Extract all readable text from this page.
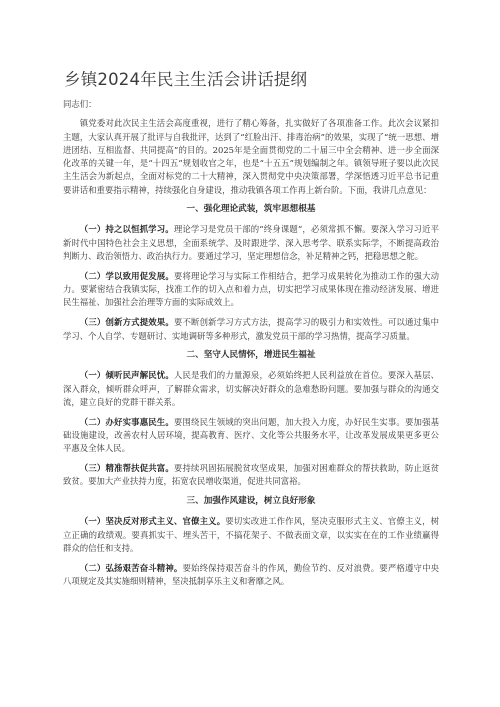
乡镇2024年民主生活会讲话提纲
同志们：

镇党委对此次民主生活会高度重视，进行了精心筹备，扎实做好了各项准备工作。此次会议紧扣主题，大家认真开展了批评与自我批评，达到了“红脸出汗、排毒治病”的效果，实现了“统一思想、增进团结、互相监督、共同提高”的目的。2025年是全面贯彻党的二十届三中全会精神、进一步全面深化改革的关键一年，是“十四五”规划收官之年，也是“十五五”规划编制之年。镇领导班子要以此次民主生活会为新起点，全面对标党的二十大精神，深入贯彻党中央决策部署，学深悟透习近平总书记重要讲话和重要指示精神，持续强化自身建设，推动我镇各项工作再上新台阶。下面，我讲几点意见：

一、强化理论武装，筑牢思想根基

（一）持之以恒抓学习。理论学习是党员干部的“终身课题”，必须常抓不懈。要深入学习习近平新时代中国特色社会主义思想，全面系统学、及时跟进学、深入思考学、联系实际学，不断提高政治判断力、政治领悟力、政治执行力。要通过学习，坚定理想信念，补足精神之钙，把稳思想之舵。

（二）学以致用促发展。要将理论学习与实际工作相结合，把学习成果转化为推动工作的强大动力。要紧密结合我镇实际，找准工作的切入点和着力点，切实把学习成果体现在推动经济发展、增进民生福祉、加强社会治理等方面的实际成效上。

（三）创新方式提效果。要不断创新学习方式方法，提高学习的吸引力和实效性。可以通过集中学习、个人自学、专题研讨、实地调研等多种形式，激发党员干部的学习热情，提高学习质量。

二、坚守人民情怀，增进民生福祉

（一）倾听民声解民忧。人民是我们的力量源泉，必须始终把人民利益放在首位。要深入基层、深入群众，倾听群众呼声，了解群众需求，切实解决好群众的急难愁盼问题。要加强与群众的沟通交流，建立良好的党群干群关系。

（二）办好实事惠民生。要围绕民生领域的突出问题，加大投入力度，办好民生实事。要加强基础设施建设，改善农村人居环境，提高教育、医疗、文化等公共服务水平，让改革发展成果更多更公平惠及全体人民。

（三）精准帮扶促共富。要持续巩固拓展脱贫攻坚成果，加强对困难群众的帮扶救助，防止返贫致贫。要加大产业扶持力度，拓宽农民增收渠道，促进共同富裕。

三、加强作风建设，树立良好形象

（一）坚决反对形式主义、官僚主义。要切实改进工作作风，坚决克服形式主义、官僚主义，树立正确的政绩观。要真抓实干、埋头苦干，不搞花架子、不做表面文章，以实实在在的工作业绩赢得群众的信任和支持。

（二）弘扬艰苦奋斗精神。要始终保持艰苦奋斗的作风，勤俭节约、反对浪费。要严格遵守中央八项规定及其实施细则精神，坚决抵制享乐主义和奢靡之风。
